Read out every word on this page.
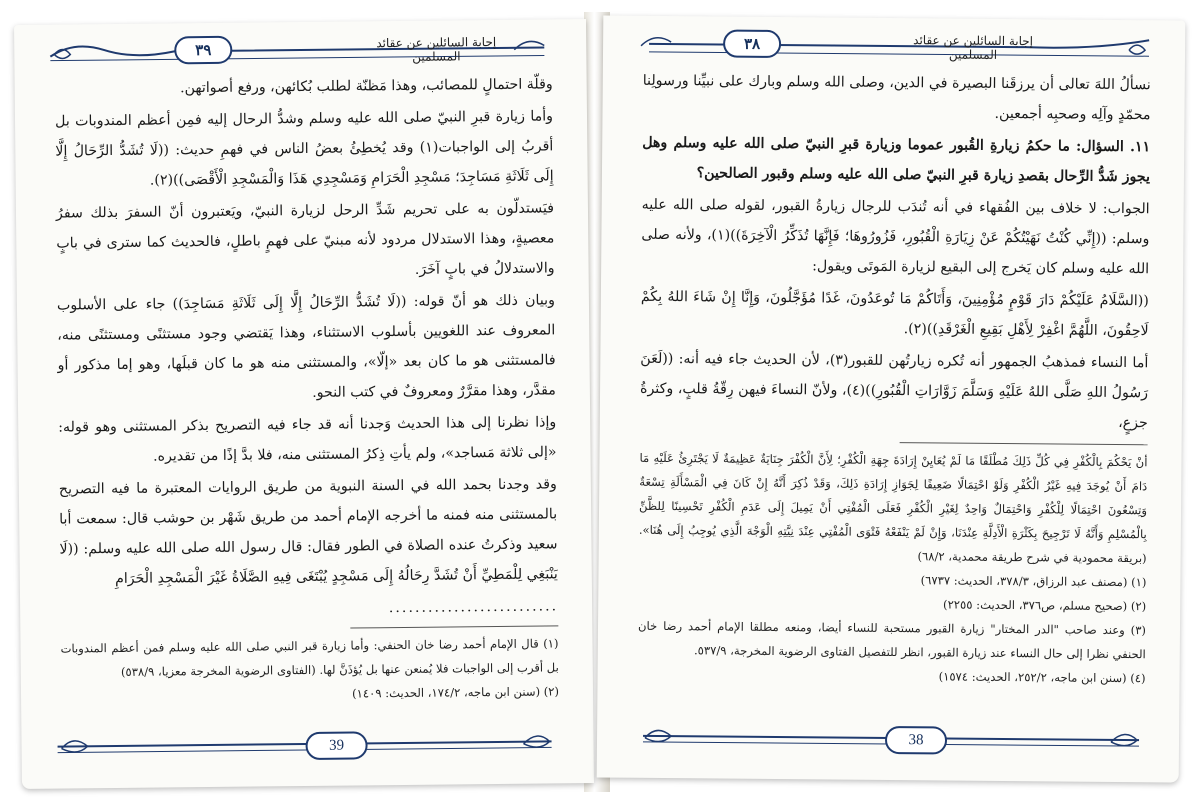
إجابة السائلين عن عقائد المسلمين
٣٩

وقلّة احتمالٍ للمصائب، وهذا مَظنّة لطلب بُكائهن، ورفع أصواتهن.

وأما زيارة قبرِ النبيّ صلى الله عليه وسلم وشدُّ الرحال إليه فمِن أعظم المندوبات بل أقربُ إلى الواجبات(١) وقد يُخطِئُ بعضُ الناس في فهمِ حديث: ((لَا تُشَدُّ الرِّحَالُ إِلَّا إِلَى ثَلَاثَةِ مَسَاجِدَ؛ مَسْجِدِ الْحَرَامِ وَمَسْجِدِي هَذَا وَالْمَسْجِدِ الْأَقْصَى))(٢).

فيَستدلّون به على تحريم شَدِّ الرحل لزيارة النبيّ، ويَعتبرون أنّ السفرَ بذلك سفرُ معصيةٍ، وهذا الاستدلال مردود لأنه مبنيّ على فهمٍ باطلٍ، فالحديث كما سترى في بابٍ والاستدلالُ في بابٍ آخَرَ.

وبيان ذلك هو أنّ قوله: ((لَا تُشَدُّ الرِّحَالُ إِلَّا إِلَى ثَلَاثَةِ مَسَاجِدَ)) جاء على الأسلوب المعروف عند اللغويين بأسلوب الاستثناء، وهذا يَقتضي وجود مستثنًى ومستثنًى منه، فالمستثنى هو ما كان بعد «إلّا»، والمستثنى منه هو ما كان قبلَها، وهو إما مذكور أو مقدَّر، وهذا مقرَّرٌ ومعروفٌ في كتب النحو.

وإذا نظرنا إلى هذا الحديث وَجدنا أنه قد جاء فيه التصريح بذكر المستثنى وهو قوله: «إلى ثلاثة مَساجد»، ولم يأتِ ذِكرُ المستثنى منه، فلا بدَّ إذًا من تقديره.

وقد وجدنا بحمد الله في السنة النبوية من طريق الروايات المعتبرة ما فيه التصريح بالمستثنى منه فمنه ما أخرجه الإمام أحمد من طريق شَهْر بن حوشب قال: سمعت أبا سعيد وذكرتُ عنده الصلاة في الطور فقال: قال رسول الله صلى الله عليه وسلم: ((لَا يَنْبَغِي لِلْمَطِيِّ أَنْ تُشَدَّ رِحَالُهُ إِلَى مَسْجِدٍ يُبْتَغَى فِيهِ الصَّلَاةُ غَيْرَ الْمَسْجِدِ الْحَرَامِ

..........................

(١) قال الإمام أحمد رضا خان الحنفي: وأما زيارة قبر النبي صلى الله عليه وسلم فمن أعظم المندوبات بل أقرب إلى الواجبات فلا يُمنعن عنها بل يُؤذَنَّ لها. (الفتاوى الرضوية المخرجة معزيا، ٥٣٨/٩)

(٢) (سنن ابن ماجه، ١٧٤/٢، الحديث: ١٤٠٩)

39
٣٨	إجابة السائلين عن عقائد المسلمين

نسألُ اللهَ تعالى أن يرزقَنا البصيرة في الدين، وصلى الله وسلم وبارك على نبيِّنا ورسولِنا محمّدٍ وآلِه وصحبِه أجمعين.

١١. السؤال: ما حكمُ زيارةِ القُبور عموما وزيارة قبرِ النبيّ صلى الله عليه وسلم وهل يجوز شَدُّ الرِّحال بقصدِ زيارة قبرِ النبيّ صلى الله عليه وسلم وقبور الصالحين؟

الجواب: لا خلاف بين الفُقهاء في أنه تُندَب للرجال زيارةُ القبور، لقوله صلى الله عليه وسلم: ((إِنِّي كُنْتُ نَهَيْتُكُمْ عَنْ زِيَارَةِ الْقُبُورِ، فَزُورُوهَا؛ فَإِنَّهَا تُذَكِّرُ الْآخِرَةَ))(١)، ولأنه صلى الله عليه وسلم كان يَخرج إلى البقيع لزيارة المَوتَى ويقول:

((السَّلَامُ عَلَيْكُمْ دَارَ قَوْمٍ مُؤْمِنِينَ، وَأَتَاكُمْ مَا تُوعَدُونَ، غَدًا مُؤَجَّلُونَ، وَإِنَّا إِنْ شَاءَ اللهُ بِكُمْ لَاحِقُونَ، اللَّهُمَّ اغْفِرْ لِأَهْلِ بَقِيعِ الْغَرْقَدِ))(٢).

أما النساء فمذهبُ الجمهور أنه تُكره زيارتُهن للقبور(٣)، لأن الحديث جاء فيه أنه: ((لَعَنَ رَسُولُ اللهِ صَلَّى اللهُ عَلَيْهِ وَسَلَّمَ زَوَّارَاتِ الْقُبُورِ))(٤)، ولأنّ النساءَ فيهن رِقّةُ قلبٍ، وكثرةُ جزعٍ،

أنْ يَحْكُمَ بِالْكُفْرِ فِي كُلِّ ذَلِكَ مُطْلَقًا مَا لَمْ يُعَايِنْ إِرَادَةَ جِهَةِ الْكُفْرِ؛ لِأَنَّ الْكُفْرَ جِنَايَةٌ عَظِيمَةٌ لَا يَجْتَرِئُ عَلَيْهِ مَا دَامَ أَنْ يُوجَدَ فِيهِ غَيْرُ الْكُفْرِ وَلَوْ احْتِمَالًا ضَعِيفًا لِجَوَازِ إِرَادَةِ ذَلِكَ، وَقَدْ ذُكِرَ أَنَّهُ إِنْ كَانَ فِي الْمَسْأَلَةِ تِسْعَةٌ وَتِسْعُونَ احْتِمَالًا لِلْكُفْرِ وَاحْتِمَالٌ وَاحِدٌ لِغَيْرِ الْكُفْرِ فَعَلَى الْمُفْتِي أَنْ يَمِيلَ إِلَى عَدَمِ الْكُفْرِ تَحْسِينًا لِلظَّنِّ بِالْمُسْلِمِ وَأَنَّهُ لَا تَرْجِيحَ بِكَثْرَةِ الْأَدِلَّةِ عِنْدَنَا، وَإِنْ لَمْ يَنْفَعْهُ فَتْوَى الْمُفْتِي عِنْدَ نِيَّتِهِ الْوَجْهَ الَّذِي يُوجِبُ إِلَى هُنَا». (بريقة محمودية في شرح طريقة محمدية، ٦٨/٢)

(١) (مصنف عبد الرزاق، ٣٧٨/٣، الحديث: ٦٧٣٧)

(٢) (صحيح مسلم، ص٣٧٦، الحديث: ٢٢٥٥)

(٣) وعند صاحب "الدر المختار" زيارة القبور مستحبة للنساء أيضا، ومنعه مطلقا الإمام أحمد رضا خان الحنفي نظرا إلى حال النساء عند زيارة القبور، انظر للتفصيل الفتاوى الرضوية المخرجة، ٥٣٧/٩.

(٤) (سنن ابن ماجه، ٢٥٢/٢، الحديث: ١٥٧٤)

38
